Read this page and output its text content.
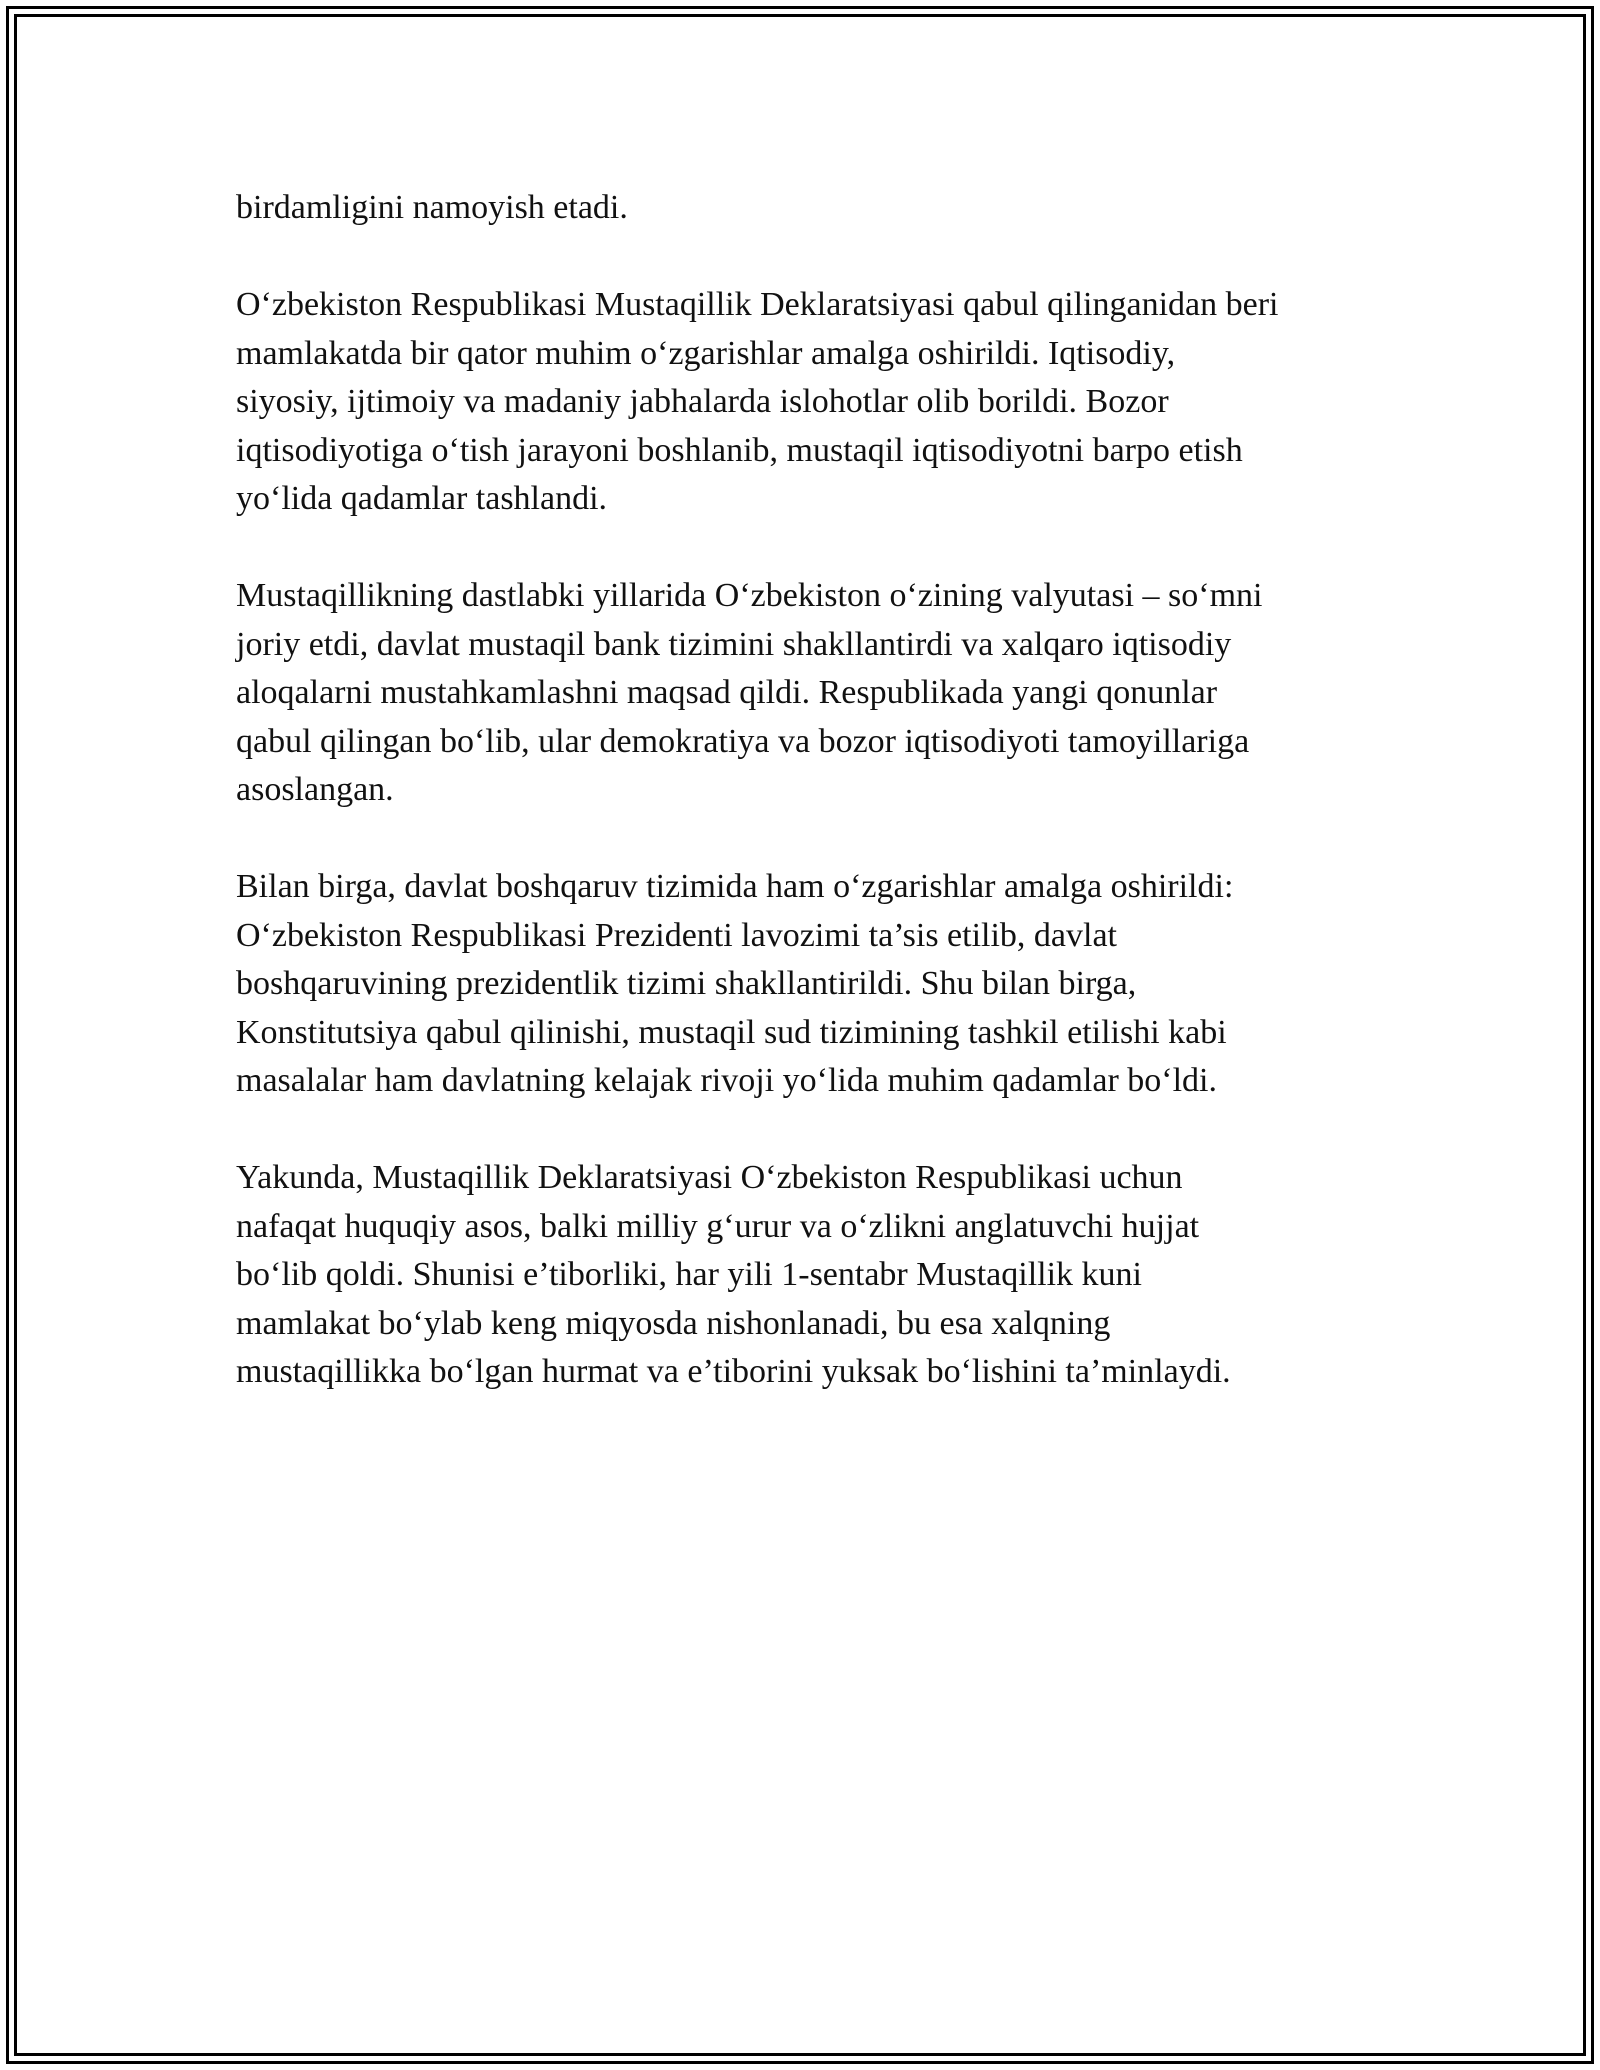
birdamligini namoyish etadi.

O‘zbekiston Respublikasi Mustaqillik Deklaratsiyasi qabul qilinganidan beri
mamlakatda bir qator muhim o‘zgarishlar amalga oshirildi. Iqtisodiy,
siyosiy, ijtimoiy va madaniy jabhalarda islohotlar olib borildi. Bozor
iqtisodiyotiga o‘tish jarayoni boshlanib, mustaqil iqtisodiyotni barpo etish
yo‘lida qadamlar tashlandi.

Mustaqillikning dastlabki yillarida O‘zbekiston o‘zining valyutasi – so‘mni
joriy etdi, davlat mustaqil bank tizimini shakllantirdi va xalqaro iqtisodiy
aloqalarni mustahkamlashni maqsad qildi. Respublikada yangi qonunlar
qabul qilingan bo‘lib, ular demokratiya va bozor iqtisodiyoti tamoyillariga
asoslangan.

Bilan birga, davlat boshqaruv tizimida ham o‘zgarishlar amalga oshirildi:
O‘zbekiston Respublikasi Prezidenti lavozimi ta’sis etilib, davlat
boshqaruvining prezidentlik tizimi shakllantirildi. Shu bilan birga,
Konstitutsiya qabul qilinishi, mustaqil sud tizimining tashkil etilishi kabi
masalalar ham davlatning kelajak rivoji yo‘lida muhim qadamlar bo‘ldi.

Yakunda, Mustaqillik Deklaratsiyasi O‘zbekiston Respublikasi uchun
nafaqat huquqiy asos, balki milliy g‘urur va o‘zlikni anglatuvchi hujjat
bo‘lib qoldi. Shunisi e’tiborliki, har yili 1-sentabr Mustaqillik kuni
mamlakat bo‘ylab keng miqyosda nishonlanadi, bu esa xalqning
mustaqillikka bo‘lgan hurmat va e’tiborini yuksak bo‘lishini ta’minlaydi.
